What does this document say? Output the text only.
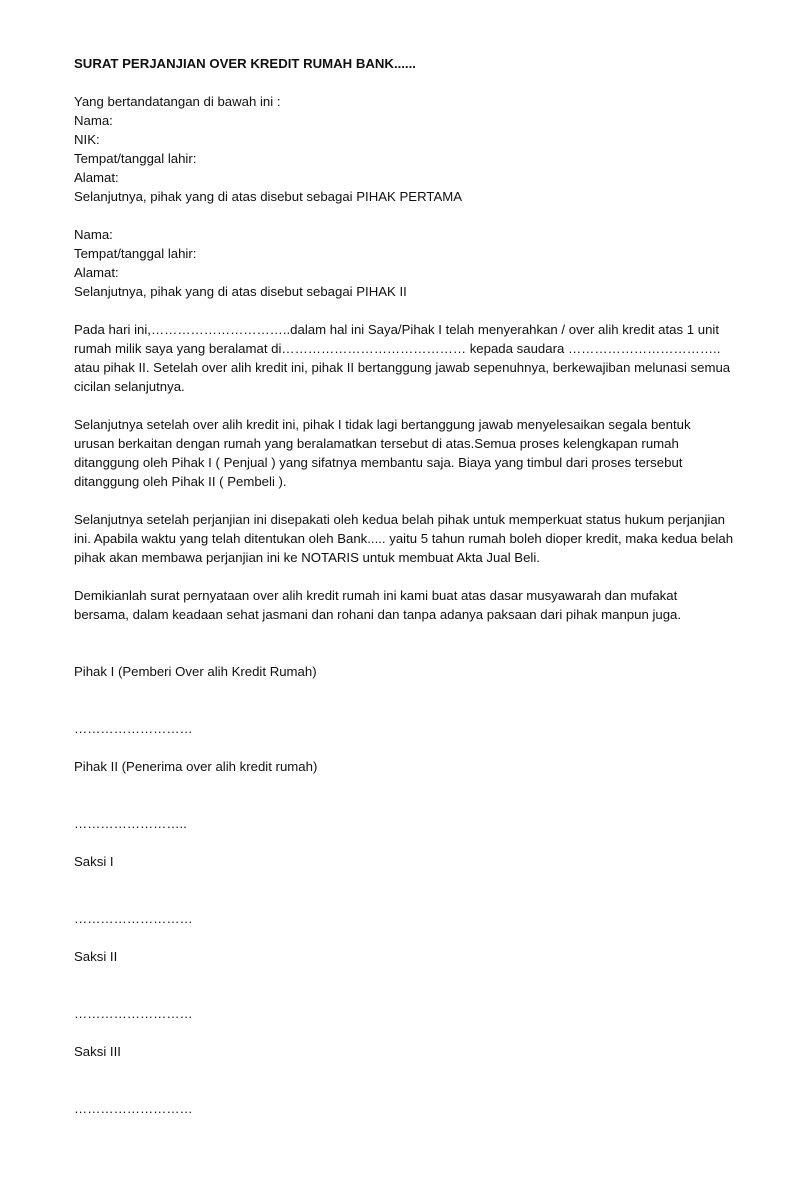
SURAT PERJANJIAN OVER KREDIT RUMAH BANK......

Yang bertandatangan di bawah ini :

Nama:

NIK:

Tempat/tanggal lahir:

Alamat:

Selanjutnya, pihak yang di atas disebut sebagai PIHAK PERTAMA

Nama:

Tempat/tanggal lahir:

Alamat:

Selanjutnya, pihak yang di atas disebut sebagai PIHAK II

Pada hari ini,…………………………..dalam hal ini Saya/Pihak I telah menyerahkan / over alih kredit atas 1 unit rumah milik saya yang beralamat di…………………………………… kepada saudara …………………………….. atau pihak II. Setelah over alih kredit ini, pihak II bertanggung jawab sepenuhnya, berkewajiban melunasi semua cicilan selanjutnya.

Selanjutnya setelah over alih kredit ini, pihak I tidak lagi bertanggung jawab menyelesaikan segala bentuk urusan berkaitan dengan rumah yang beralamatkan tersebut di atas.Semua proses kelengkapan rumah ditanggung oleh Pihak I ( Penjual ) yang sifatnya membantu saja. Biaya yang timbul dari proses tersebut ditanggung oleh Pihak II ( Pembeli ).

Selanjutnya setelah perjanjian ini disepakati oleh kedua belah pihak untuk memperkuat status hukum perjanjian ini. Apabila waktu yang telah ditentukan oleh Bank..... yaitu 5 tahun rumah boleh dioper kredit, maka kedua belah pihak akan membawa perjanjian ini ke NOTARIS untuk membuat Akta Jual Beli.

Demikianlah surat pernyataan over alih kredit rumah ini kami buat atas dasar musyawarah dan mufakat bersama, dalam keadaan sehat jasmani dan rohani dan tanpa adanya paksaan dari pihak manpun juga.

Pihak I (Pemberi Over alih Kredit Rumah)

………………………

Pihak II (Penerima over alih kredit rumah)

……………………..

Saksi I

………………………

Saksi II

………………………

Saksi III

………………………
